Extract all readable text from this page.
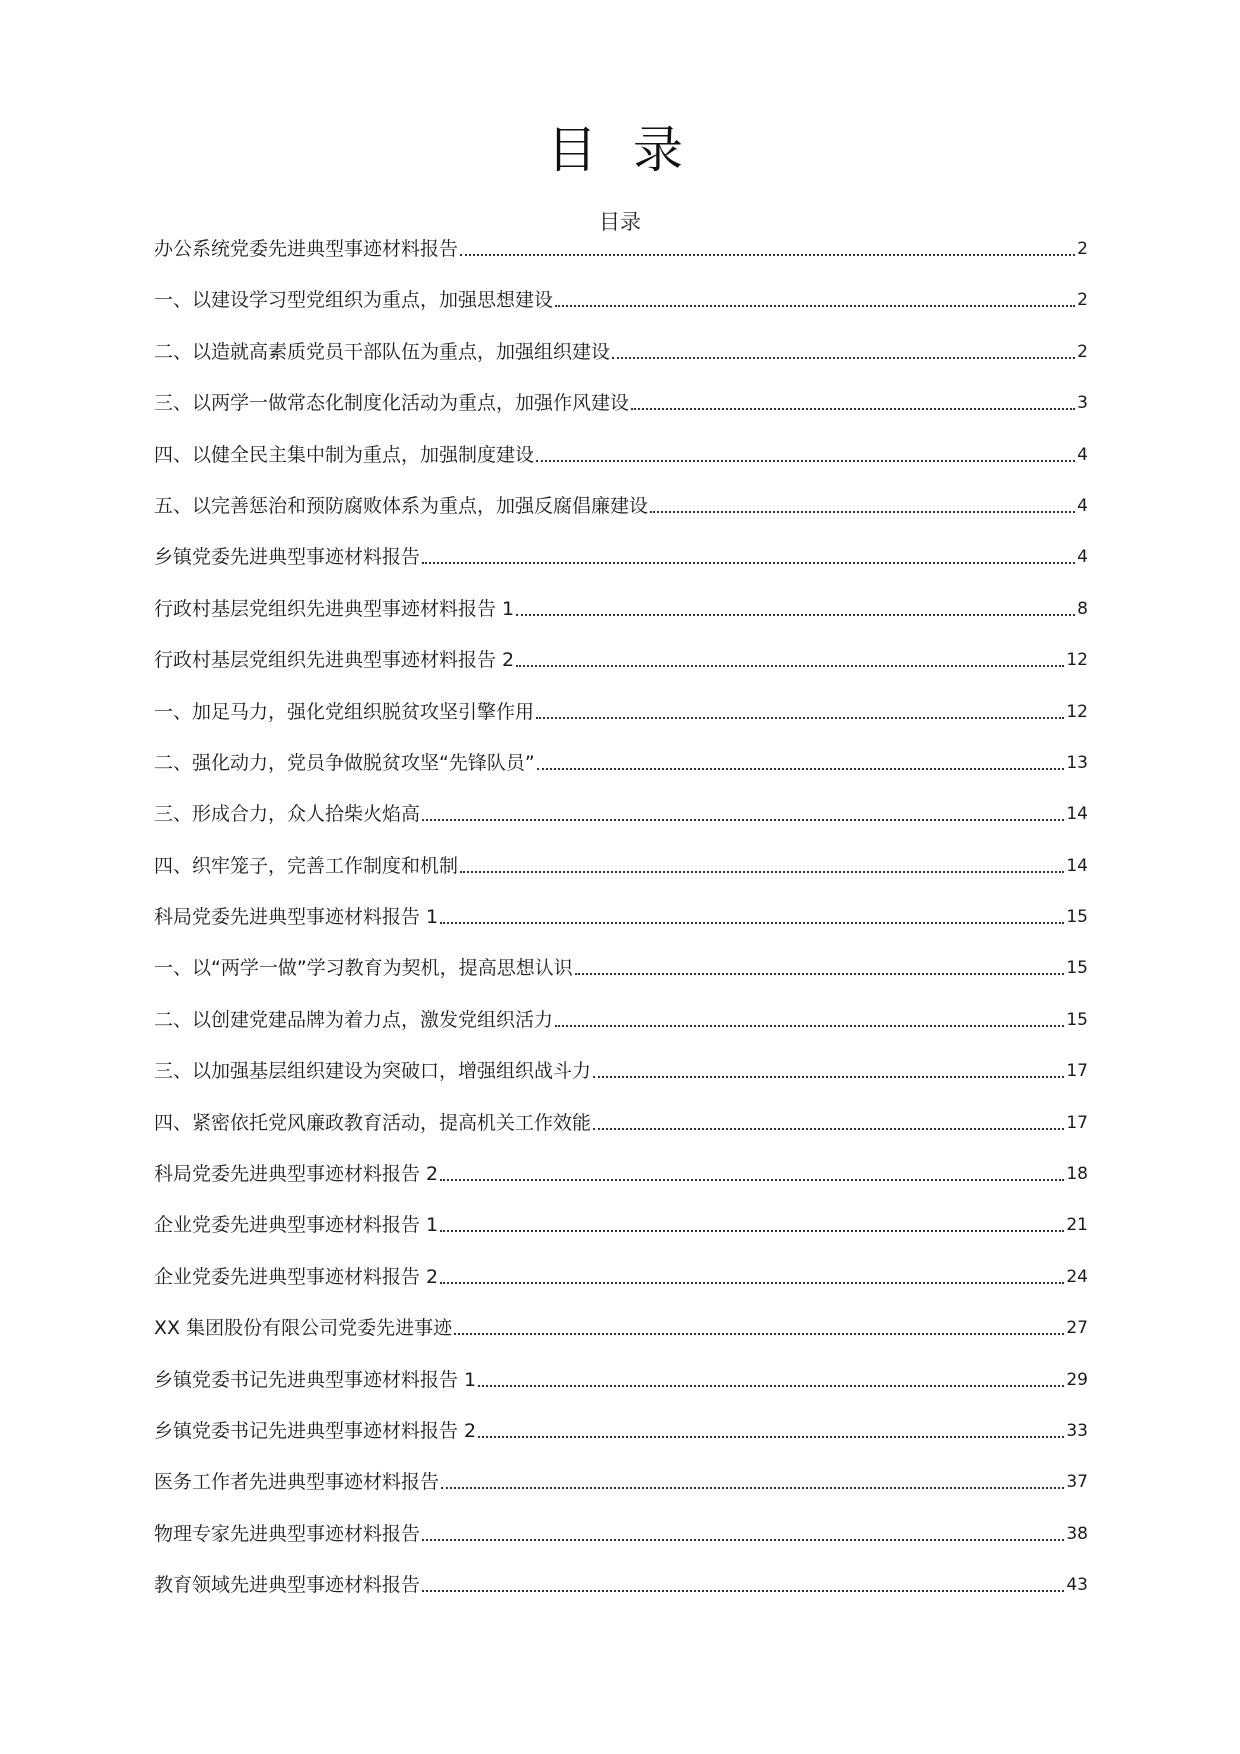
目 录
目录
办公系统党委先进典型事迹材料报告	2
一、以建设学习型党组织为重点，加强思想建设	2
二、以造就高素质党员干部队伍为重点，加强组织建设	2
三、以两学一做常态化制度化活动为重点，加强作风建设	3
四、以健全民主集中制为重点，加强制度建设	4
五、以完善惩治和预防腐败体系为重点，加强反腐倡廉建设	4
乡镇党委先进典型事迹材料报告	4
行政村基层党组织先进典型事迹材料报告 1	8
行政村基层党组织先进典型事迹材料报告 2	12
一、加足马力，强化党组织脱贫攻坚引擎作用	12
二、强化动力，党员争做脱贫攻坚“先锋队员”	13
三、形成合力，众人拾柴火焰高	14
四、织牢笼子，完善工作制度和机制	14
科局党委先进典型事迹材料报告 1	15
一、以“两学一做”学习教育为契机，提高思想认识	15
二、以创建党建品牌为着力点，激发党组织活力	15
三、以加强基层组织建设为突破口，增强组织战斗力	17
四、紧密依托党风廉政教育活动，提高机关工作效能	17
科局党委先进典型事迹材料报告 2	18
企业党委先进典型事迹材料报告 1	21
企业党委先进典型事迹材料报告 2	24
XX 集团股份有限公司党委先进事迹	27
乡镇党委书记先进典型事迹材料报告 1	29
乡镇党委书记先进典型事迹材料报告 2	33
医务工作者先进典型事迹材料报告	37
物理专家先进典型事迹材料报告	38
教育领域先进典型事迹材料报告	43
